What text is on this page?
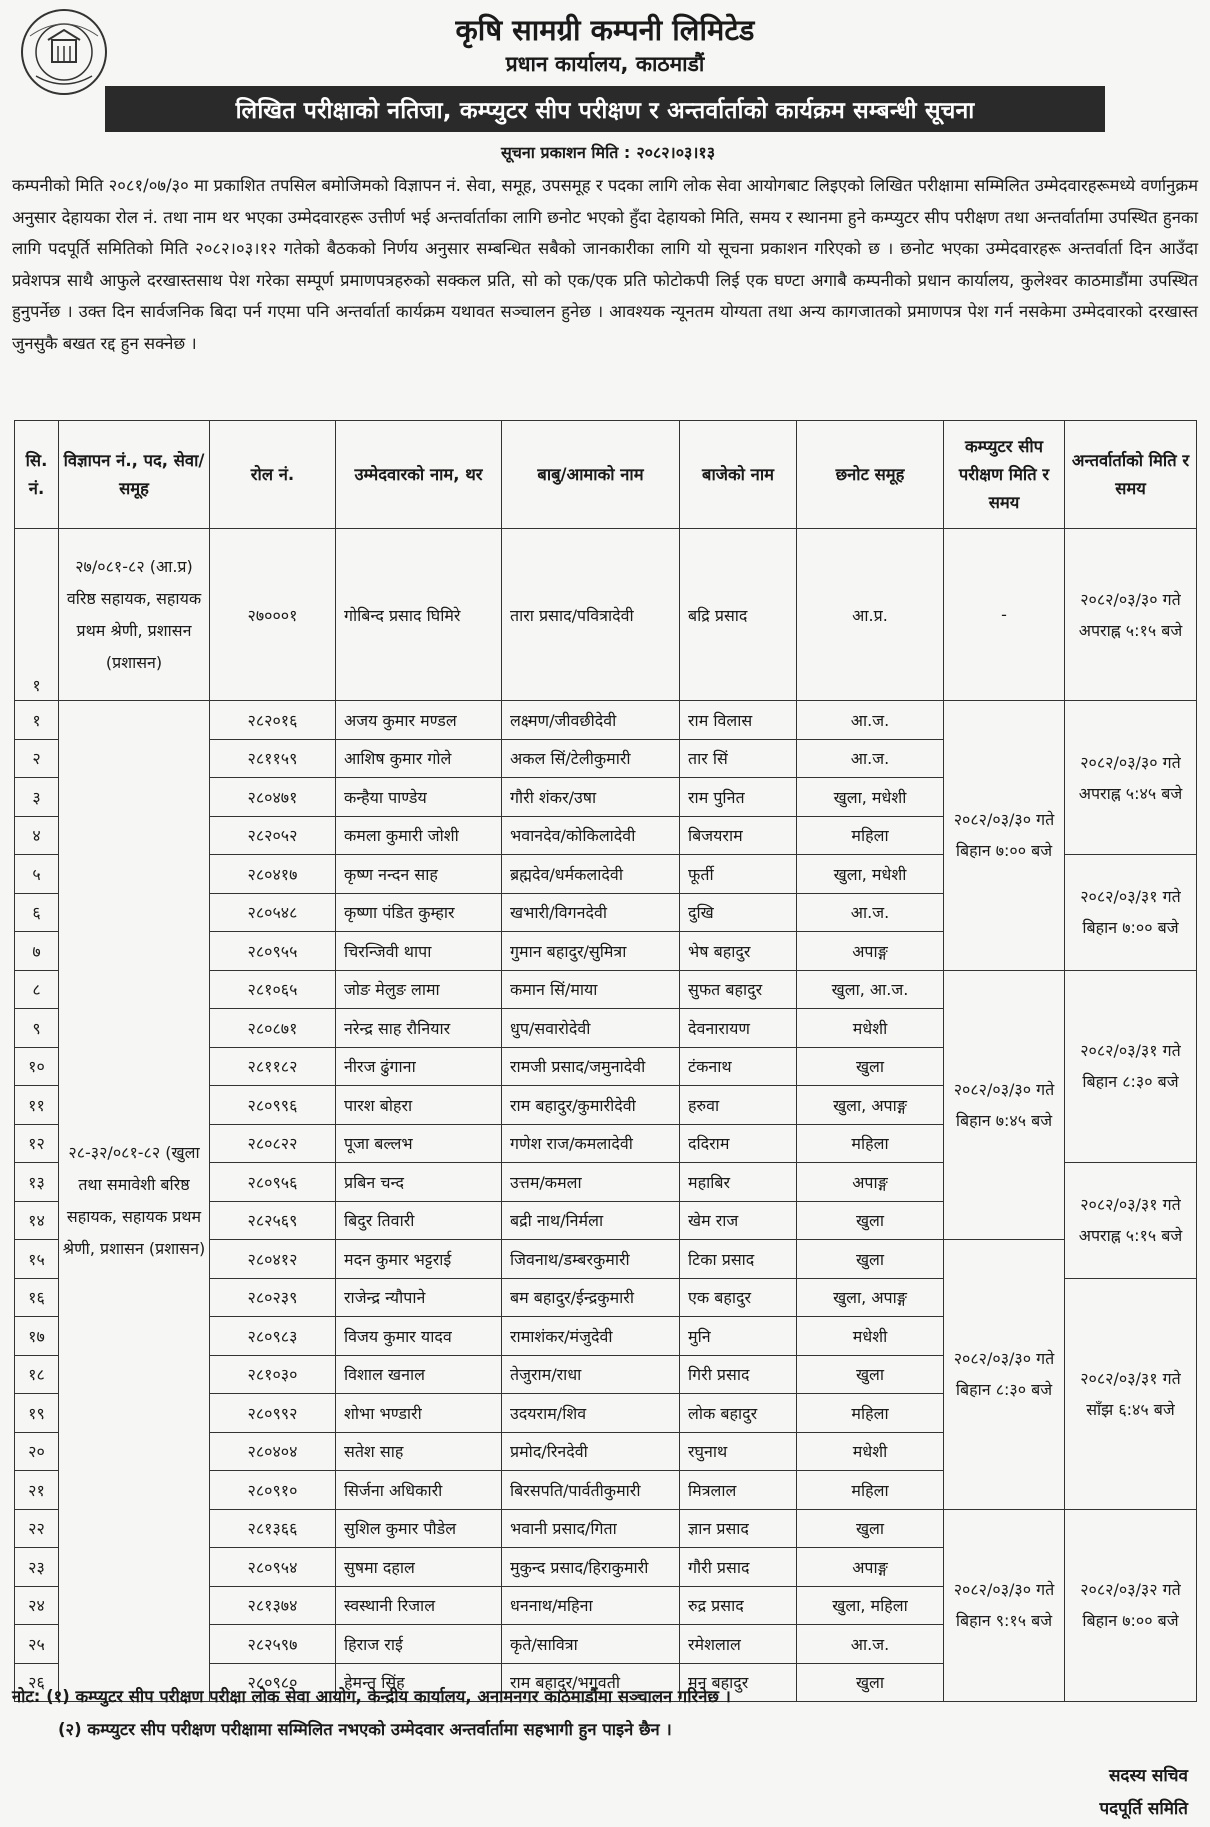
कृषि सामग्री कम्पनी लिमिटेड
प्रधान कार्यालय, काठमाडौं
लिखित परीक्षाको नतिजा, कम्प्युटर सीप परीक्षण र अन्तर्वार्ताको कार्यक्रम सम्बन्धी सूचना
सूचना प्रकाशन मिति : २०८२।०३।१३
कम्पनीको मिति २०८१/०७/३० मा प्रकाशित तपसिल बमोजिमको विज्ञापन नं. सेवा, समूह, उपसमूह र पदका लागि लोक सेवा आयोगबाट लिइएको लिखित परीक्षामा सम्मिलित उम्मेदवारहरूमध्ये वर्णानुक्रम अनुसार देहायका रोल नं. तथा नाम थर भएका उम्मेदवारहरू उत्तीर्ण भई अन्तर्वार्ताका लागि छनोट भएको हुँदा देहायको मिति, समय र स्थानमा हुने कम्प्युटर सीप परीक्षण तथा अन्तर्वार्तामा उपस्थित हुनका लागि पदपूर्ति समितिको मिति २०८२।०३।१२ गतेको बैठकको निर्णय अनुसार सम्बन्धित सबैको जानकारीका लागि यो सूचना प्रकाशन गरिएको छ । छनोट भएका उम्मेदवारहरू अन्तर्वार्ता दिन आउँदा प्रवेशपत्र साथै आफुले दरखास्तसाथ पेश गरेका सम्पूर्ण प्रमाणपत्रहरुको सक्कल प्रति, सो को एक/एक प्रति फोटोकपी लिई एक घण्टा अगाबै कम्पनीको प्रधान कार्यालय, कुलेश्वर काठमाडौंमा उपस्थित हुनुपर्नेछ । उक्त दिन सार्वजनिक बिदा पर्न गएमा पनि अन्तर्वार्ता कार्यक्रम यथावत सञ्चालन हुनेछ । आवश्यक न्यूनतम योग्यता तथा अन्य कागजातको प्रमाणपत्र पेश गर्न नसकेमा उम्मेदवारको दरखास्त जुनसुकै बखत रद्द हुन सक्नेछ ।
सि. नं.	विज्ञापन नं., पद, सेवा/समूह	रोल नं.	उम्मेदवारको नाम, थर	बाबु/आमाको नाम	बाजेको नाम	छनोट समूह	कम्प्युटर सीप परीक्षण मिति र समय	अन्तर्वार्ताको मिति र समय
१	२७/०८१-८२ (आ.प्र) वरिष्ठ सहायक, सहायक प्रथम श्रेणी, प्रशासन (प्रशासन)	२७०००१	गोबिन्द प्रसाद घिमिरे	तारा प्रसाद/पवित्रादेवी	बद्रि प्रसाद	आ.प्र.	-	२०८२/०३/३० गते अपराह्न ५:१५ बजे
१	२८-३२/०८१-८२ (खुला तथा समावेशी बरिष्ठ सहायक, सहायक प्रथम श्रेणी, प्रशासन (प्रशासन)	२८२०१६	अजय कुमार मण्डल	लक्ष्मण/जीवछीदेवी	राम विलास	आ.ज.	२०८२/०३/३० गते बिहान ७:०० बजे	२०८२/०३/३० गते अपराह्न ५:४५ बजे
२		२८११५९	आशिष कुमार गोले	अकल सिं/टेलीकुमारी	तार सिं	आ.ज.		
३		२८०४७१	कन्हैया पाण्डेय	गौरी शंकर/उषा	राम पुनित	खुला, मधेशी		
४		२८२०५२	कमला कुमारी जोशी	भवानदेव/कोकिलादेवी	बिजयराम	महिला		
५		२८०४१७	कृष्ण नन्दन साह	ब्रह्मदेव/धर्मकलादेवी	फूर्ती	खुला, मधेशी		२०८२/०३/३१ गते बिहान ७:०० बजे
६		२८०५४८	कृष्णा पंडित कुम्हार	खभारी/विगनदेवी	दुखि	आ.ज.		
७		२८०९५५	चिरन्जिवी थापा	गुमान बहादुर/सुमित्रा	भेष बहादुर	अपाङ्ग		
८		२८१०६५	जोङ मेलुङ लामा	कमान सिं/माया	सुफत बहादुर	खुला, आ.ज.	२०८२/०३/३० गते बिहान ७:४५ बजे	२०८२/०३/३१ गते बिहान ८:३० बजे
९		२८०८७१	नरेन्द्र साह रौनियार	धुप/सवारोदेवी	देवनारायण	मधेशी		
१०		२८११८२	नीरज ढुंगाना	रामजी प्रसाद/जमुनादेवी	टंकनाथ	खुला		
११		२८०९९६	पारश बोहरा	राम बहादुर/कुमारीदेवी	हरुवा	खुला, अपाङ्ग		
१२		२८०८२२	पूजा बल्लभ	गणेश राज/कमलादेवी	ददिराम	महिला		
१३		२८०९५६	प्रबिन चन्द	उत्तम/कमला	महाबिर	अपाङ्ग		२०८२/०३/३१ गते अपराह्न ५:१५ बजे
१४		२८२५६९	बिदुर तिवारी	बद्री नाथ/निर्मला	खेम राज	खुला		
१५		२८०४१२	मदन कुमार भट्टराई	जिवनाथ/डम्बरकुमारी	टिका प्रसाद	खुला	२०८२/०३/३० गते बिहान ८:३० बजे	
१६		२८०२३९	राजेन्द्र न्यौपाने	बम बहादुर/ईन्द्रकुमारी	एक बहादुर	खुला, अपाङ्ग		२०८२/०३/३१ गते साँझ ६:४५ बजे
१७		२८०९८३	विजय कुमार यादव	रामाशंकर/मंजुदेवी	मुनि	मधेशी		
१८		२८१०३०	विशाल खनाल	तेजुराम/राधा	गिरी प्रसाद	खुला		
१९		२८०९९२	शोभा भण्डारी	उदयराम/शिव	लोक बहादुर	महिला		
२०		२८०४०४	सतेश साह	प्रमोद/रिनदेवी	रघुनाथ	मधेशी		
२१		२८०९१०	सिर्जना अधिकारी	बिरसपति/पार्वतीकुमारी	मित्रलाल	महिला		
२२		२८१३६६	सुशिल कुमार पौडेल	भवानी प्रसाद/गिता	ज्ञान प्रसाद	खुला	२०८२/०३/३० गते बिहान ९:१५ बजे	२०८२/०३/३२ गते बिहान ७:०० बजे
२३		२८०९५४	सुषमा दहाल	मुकुन्द प्रसाद/हिराकुमारी	गौरी प्रसाद	अपाङ्ग		
२४		२८१३७४	स्वस्थानी रिजाल	धननाथ/महिना	रुद्र प्रसाद	खुला, महिला		
२५		२८२५९७	हिराज राई	कृते/सावित्रा	रमेशलाल	आ.ज.		
२६		२८०९८०	हेमन्त सिंह	राम बहादुर/भगवती	मन बहादुर	खुला		
नोट: (१) कम्प्युटर सीप परीक्षण परीक्षा लोक सेवा आयोग, केन्द्रीय कार्यालय, अनामनगर काठमाडौंमा सञ्चालन गरिनेछ ।
(२) कम्प्युटर सीप परीक्षण परीक्षामा सम्मिलित नभएको उम्मेदवार अन्तर्वार्तामा सहभागी हुन पाइने छैन ।
सदस्य सचिव
पदपूर्ति समिति
